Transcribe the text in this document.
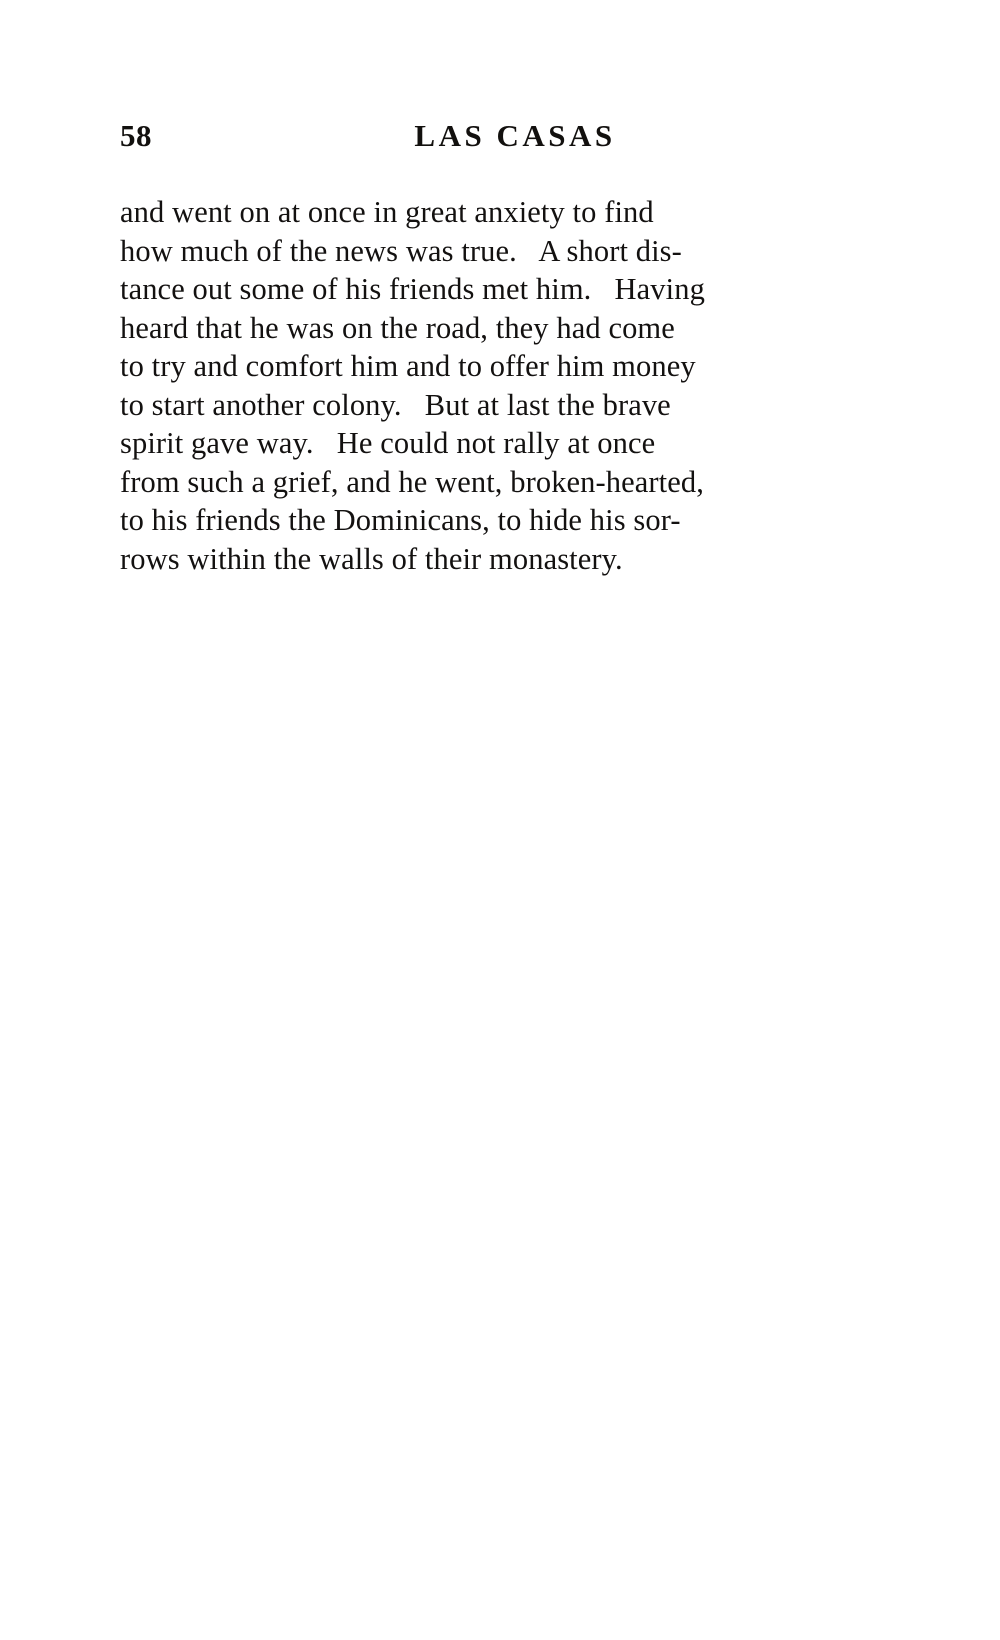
58	LAS CASAS
and went on at once in great anxiety to find
how much of the news was true.   A short dis-
tance out some of his friends met him.   Having
heard that he was on the road, they had come
to try and comfort him and to offer him money
to start another colony.   But at last the brave
spirit gave way.   He could not rally at once
from such a grief, and he went, broken-hearted,
to his friends the Dominicans, to hide his sor-
rows within the walls of their monastery.
